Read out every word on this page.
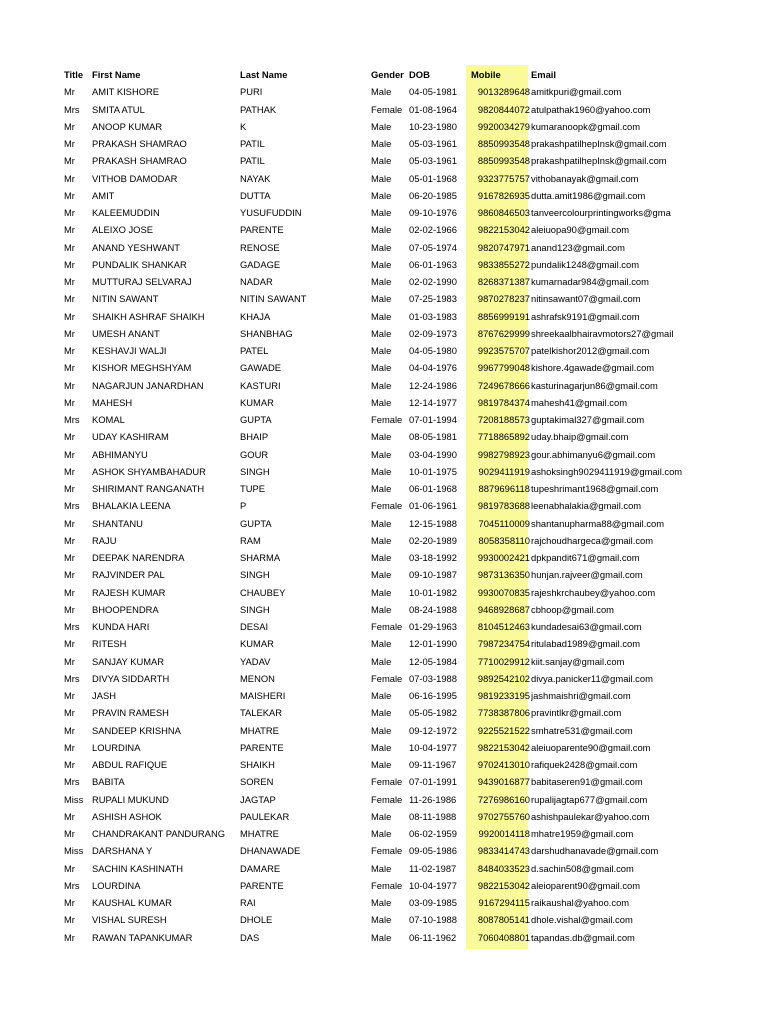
Title	First Name	Last Name	Gender	DOB	Mobile	Email
Mr	AMIT KISHORE	PURI	Male	04-05-1981	9013289648	amitkpuri@gmail.com
Mrs	SMITA ATUL	PATHAK	Female	01-08-1964	9820844072	atulpathak1960@yahoo.com
Mr	ANOOP KUMAR	K	Male	10-23-1980	9920034279	kumaranoopk@gmail.com
Mr	PRAKASH SHAMRAO	PATIL	Male	05-03-1961	8850993548	prakashpatilhepInsk@gmail.com
Mr	PRAKASH SHAMRAO	PATIL	Male	05-03-1961	8850993548	prakashpatilhepInsk@gmail.com
Mr	VITHOB DAMODAR	NAYAK	Male	05-01-1968	9323775757	vithobanayak@gmail.com
Mr	AMIT	DUTTA	Male	06-20-1985	9167826935	dutta.amit1986@gmail.com
Mr	KALEEMUDDIN	YUSUFUDDIN	Male	09-10-1976	9860846503	tanveercolourprintingworks@gma
Mr	ALEIXO JOSE	PARENTE	Male	02-02-1966	9822153042	aleiuopa90@gmail.com
Mr	ANAND YESHWANT	RENOSE	Male	07-05-1974	9820747971	anand123@gmail.com
Mr	PUNDALIK SHANKAR	GADAGE	Male	06-01-1963	9833855272	pundalik1248@gmail.com
Mr	MUTTURAJ SELVARAJ	NADAR	Male	02-02-1990	8268371387	kumarnadar984@gmail.com
Mr	NITIN SAWANT	NITIN SAWANT	Male	07-25-1983	9870278237	nitinsawant07@gmail.com
Mr	SHAIKH ASHRAF SHAIKH	KHAJA	Male	01-03-1983	8856999191	ashrafsk9191@gmail.com
Mr	UMESH ANANT	SHANBHAG	Male	02-09-1973	8767629999	shreekaalbhairavmotors27@gmail
Mr	KESHAVJI WALJI	PATEL	Male	04-05-1980	9923575707	patelkishor2012@gmail.com
Mr	KISHOR MEGHSHYAM	GAWADE	Male	04-04-1976	9967799048	kishore.4gawade@gmail.com
Mr	NAGARJUN JANARDHAN	KASTURI	Male	12-24-1986	7249678666	kasturinagarjun86@gmail.com
Mr	MAHESH	KUMAR	Male	12-14-1977	9819784374	mahesh41@gmail.com
Mrs	KOMAL	GUPTA	Female	07-01-1994	7208188573	guptakimal327@gmail.com
Mr	UDAY KASHIRAM	BHAIP	Male	08-05-1981	7718865892	uday.bhaip@gmail.com
Mr	ABHIMANYU	GOUR	Male	03-04-1990	9982798923	gour.abhimanyu6@gmail.com
Mr	ASHOK SHYAMBAHADUR	SINGH	Male	10-01-1975	9029411919	ashoksingh9029411919@gmail.com
Mr	SHIRIMANT RANGANATH	TUPE	Male	06-01-1968	8879696118	tupeshrimant1968@gmail.com
Mrs	BHALAKIA LEENA	P	Female	01-06-1961	9819783688	leenabhalakia@gmail.com
Mr	SHANTANU	GUPTA	Male	12-15-1988	7045110009	shantanupharma88@gmail.com
Mr	RAJU	RAM	Male	02-20-1989	8058358110	rajchoudhargeca@gmail.com
Mr	DEEPAK NARENDRA	SHARMA	Male	03-18-1992	9930002421	dpkpandit671@gmail.com
Mr	RAJVINDER PAL	SINGH	Male	09-10-1987	9873136350	hunjan.rajveer@gmail.com
Mr	RAJESH KUMAR	CHAUBEY	Male	10-01-1982	9930070835	rajeshkrchaubey@yahoo.com
Mr	BHOOPENDRA	SINGH	Male	08-24-1988	9468928687	cbhoop@gmail.com
Mrs	KUNDA HARI	DESAI	Female	01-29-1963	8104512463	kundadesai63@gmail.com
Mr	RITESH	KUMAR	Male	12-01-1990	7987234754	ritulabad1989@gmail.com
Mr	SANJAY KUMAR	YADAV	Male	12-05-1984	7710029912	kiit.sanjay@gmail.com
Mrs	DIVYA SIDDARTH	MENON	Female	07-03-1988	9892542102	divya.panicker11@gmail.com
Mr	JASH	MAISHERI	Male	06-16-1995	9819233195	jashmaishri@gmail.com
Mr	PRAVIN RAMESH	TALEKAR	Male	05-05-1982	7738387806	pravintlkr@gmail.com
Mr	SANDEEP KRISHNA	MHATRE	Male	09-12-1972	9225521522	smhatre531@gmail.com
Mr	LOURDINA	PARENTE	Male	10-04-1977	9822153042	aleiuoparente90@gmail.com
Mr	ABDUL RAFIQUE	SHAIKH	Male	09-11-1967	9702413010	rafiquek2428@gmail.com
Mrs	BABITA	SOREN	Female	07-01-1991	9439016877	babitaseren91@gmail.com
Miss	RUPALI MUKUND	JAGTAP	Female	11-26-1986	7276986160	rupalijagtap677@gmail.com
Mr	ASHISH ASHOK	PAULEKAR	Male	08-11-1988	9702755760	ashishpaulekar@yahoo.com
Mr	CHANDRAKANT PANDURANG	MHATRE	Male	06-02-1959	9920014118	mhatre1959@gmail.com
Miss	DARSHANA Y	DHANAWADE	Female	09-05-1986	9833414743	darshudhanavade@gmail.com
Mr	SACHIN KASHINATH	DAMARE	Male	11-02-1987	8484033523	d.sachin508@gmail.com
Mrs	LOURDINA	PARENTE	Female	10-04-1977	9822153042	aleioparent90@gmail.com
Mr	KAUSHAL KUMAR	RAI	Male	03-09-1985	9167294115	raikaushal@yahoo.com
Mr	VISHAL SURESH	DHOLE	Male	07-10-1988	8087805141	dhole.vishal@gmail.com
Mr	RAWAN TAPANKUMAR	DAS	Male	06-11-1962	7060408801	tapandas.db@gmail.com
